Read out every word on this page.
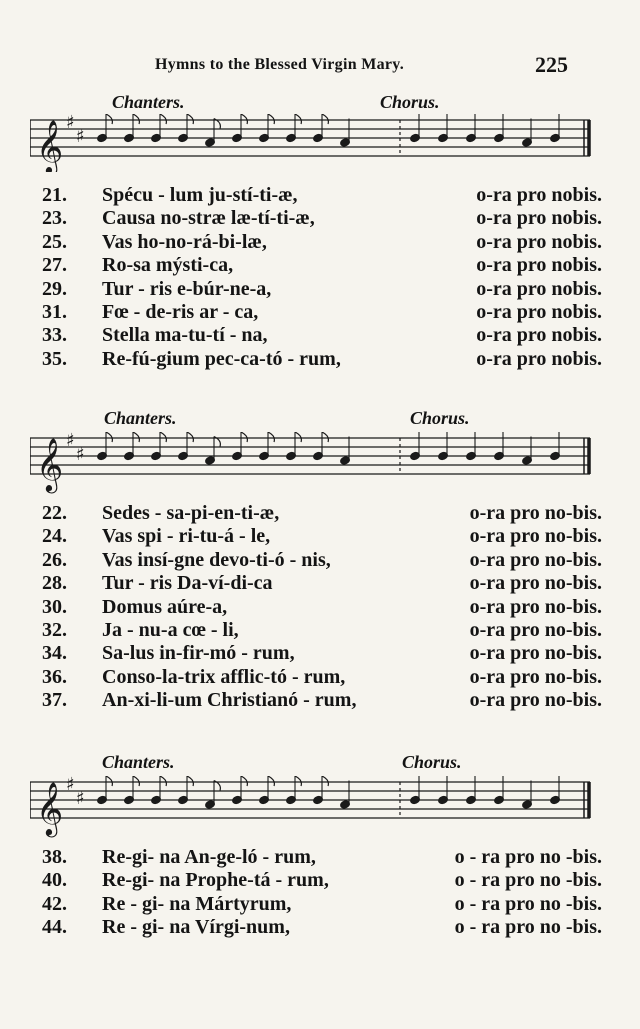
Hymns to the Blessed Virgin Mary.	225
Chanters.	Chorus.
𝄞 ♯
♯
21. Spécu - lum ju-stí-ti-æ,	o-ra pro nobis.
23. Causa no-stræ læ-tí-ti-æ,	o-ra pro nobis.
25. Vas ho-no-rá-bi-læ,	o-ra pro nobis.
27. Ro-sa mýsti-ca,	o-ra pro nobis.
29. Tur - ris e-búr-ne-a,	o-ra pro nobis.
31. Fœ - de-ris ar - ca,	o-ra pro nobis.
33. Stella ma-tu-tí - na,	o-ra pro nobis.
35. Re-fú-gium pec-ca-tó - rum,	o-ra pro nobis.
Chanters.	Chorus.
𝄞 ♯
♯
22. Sedes - sa-pi-en-ti-æ,	o-ra pro no-bis.
24. Vas spi - ri-tu-á - le,	o-ra pro no-bis.
26. Vas insí-gne devo-ti-ó - nis,	o-ra pro no-bis.
28. Tur - ris Da-ví-di-ca	o-ra pro no-bis.
30. Domus aúre-a,	o-ra pro no-bis.
32. Ja - nu-a cœ - li,	o-ra pro no-bis.
34. Sa-lus in-fir-mó - rum,	o-ra pro no-bis.
36. Conso-la-trix afflic-tó - rum,	o-ra pro no-bis.
37. An-xi-li-um Christianó - rum,	o-ra pro no-bis.
Chanters.	Chorus.
𝄞 ♯
♯
38. Re-gi- na An-ge-ló - rum,	o - ra pro no -bis.
40. Re-gi- na Prophe-tá - rum,	o - ra pro no -bis.
42. Re - gi- na Mártyrum,	o - ra pro no -bis.
44. Re - gi- na Vírgi-num,	o - ra pro no -bis.
